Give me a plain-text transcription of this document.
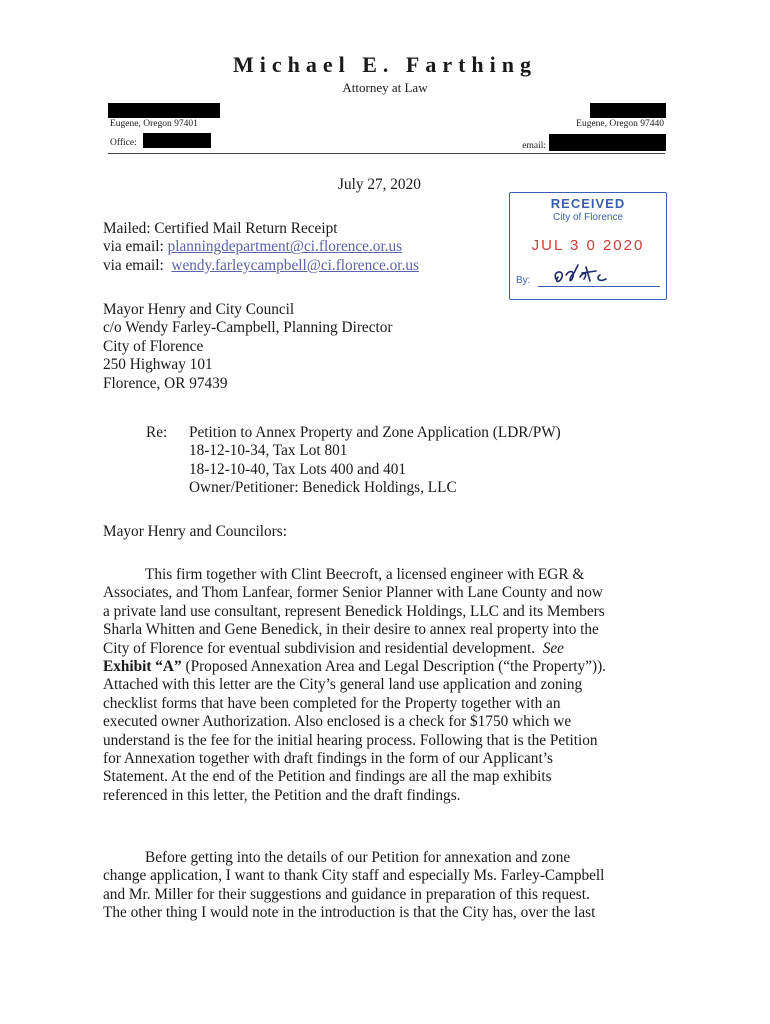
Michael E. Farthing
Attorney at Law
Eugene, Oregon 97401
Office:
Eugene, Oregon 97440
email:
July 27, 2020
Mailed: Certified Mail Return Receipt
via email: planningdepartment@ci.florence.or.us
via email: wendy.farleycampbell@ci.florence.or.us
RECEIVED
City of Florence
JUL 3 0 2020
By:
Mayor Henry and City Council
c/o Wendy Farley-Campbell, Planning Director
City of Florence
250 Highway 101
Florence, OR 97439
Re: Petition to Annex Property and Zone Application (LDR/PW)
18-12-10-34, Tax Lot 801
18-12-10-40, Tax Lots 400 and 401
Owner/Petitioner: Benedick Holdings, LLC
Mayor Henry and Councilors:
This firm together with Clint Beecroft, a licensed engineer with EGR &
Associates, and Thom Lanfear, former Senior Planner with Lane County and now
a private land use consultant, represent Benedick Holdings, LLC and its Members
Sharla Whitten and Gene Benedick, in their desire to annex real property into the
City of Florence for eventual subdivision and residential development. See
Exhibit “A” (Proposed Annexation Area and Legal Description (“the Property”)).
Attached with this letter are the City’s general land use application and zoning
checklist forms that have been completed for the Property together with an
executed owner Authorization. Also enclosed is a check for $1750 which we
understand is the fee for the initial hearing process. Following that is the Petition
for Annexation together with draft findings in the form of our Applicant’s
Statement. At the end of the Petition and findings are all the map exhibits
referenced in this letter, the Petition and the draft findings.
Before getting into the details of our Petition for annexation and zone
change application, I want to thank City staff and especially Ms. Farley-Campbell
and Mr. Miller for their suggestions and guidance in preparation of this request.
The other thing I would note in the introduction is that the City has, over the last
